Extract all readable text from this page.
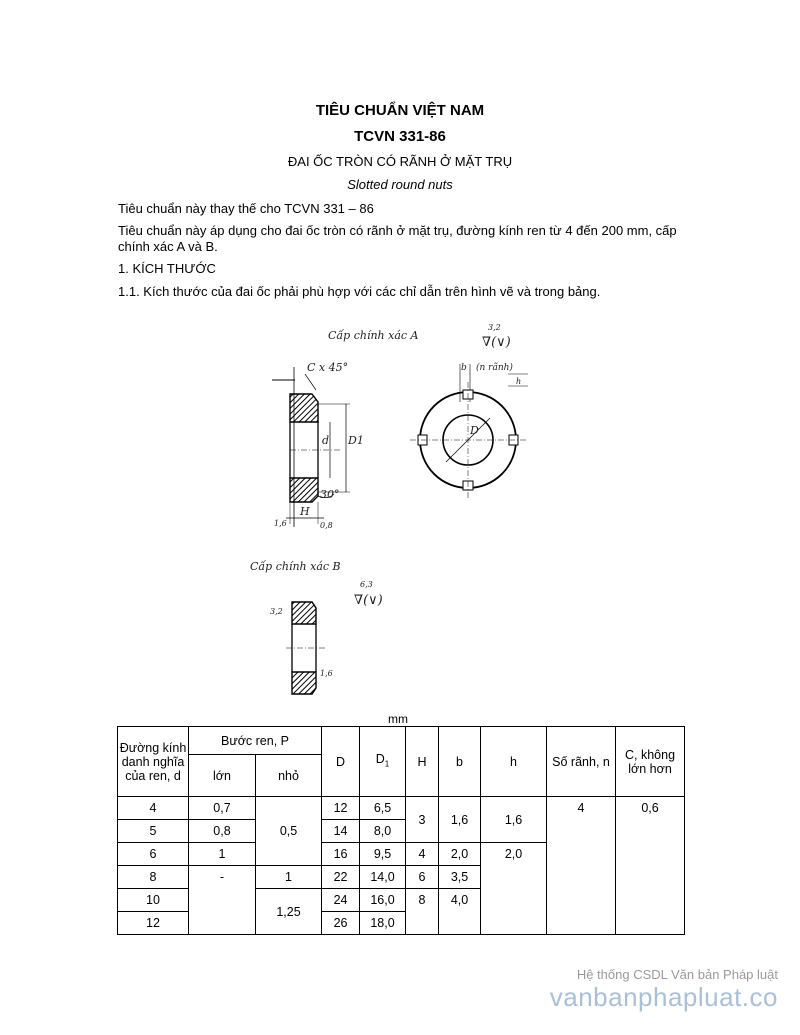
TIÊU CHUẨN VIỆT NAM
TCVN 331-86
ĐAI ỐC TRÒN CÓ RÃNH Ở MẶT TRỤ
Slotted round nuts
Tiêu chuẩn này thay thế cho TCVN 331 – 86
Tiêu chuẩn này áp dụng cho đai ốc tròn có rãnh ở mặt trụ, đường kính ren từ 4 đến 200 mm, cấp chính xác A và B.
1. KÍCH THƯỚC
1.1. Kích thước của đai ốc phải phù hợp với các chỉ dẫn trên hình vẽ và trong bảng.
Cấp chính xác A
3,2
∇(∨)
C x 45°
d D1
30°
H
1,6	0,8
b (n rãnh)
h
D
Cấp chính xác B
6,3
∇(∨)
3,2
1,6
mm
Đường kính danh nghĩa của ren, d	Bước ren, P		D	$D_1$	H	b	h	Số rãnh, n	C, không lớn hơn
	lớn	nhỏ							
4	0,7	0,5	12	6,5	3	1,6	1,6	4	0,6
5	0,8		14	8,0					
6	1		16	9,5	4	2,0	2,0		
8	-	1	22	14,0	6	3,5			
10		1,25	24	16,0	8	4,0			
12			26	18,0					
Hệ thống CSDL Văn bản Pháp luật
vanbanphapluat.co
